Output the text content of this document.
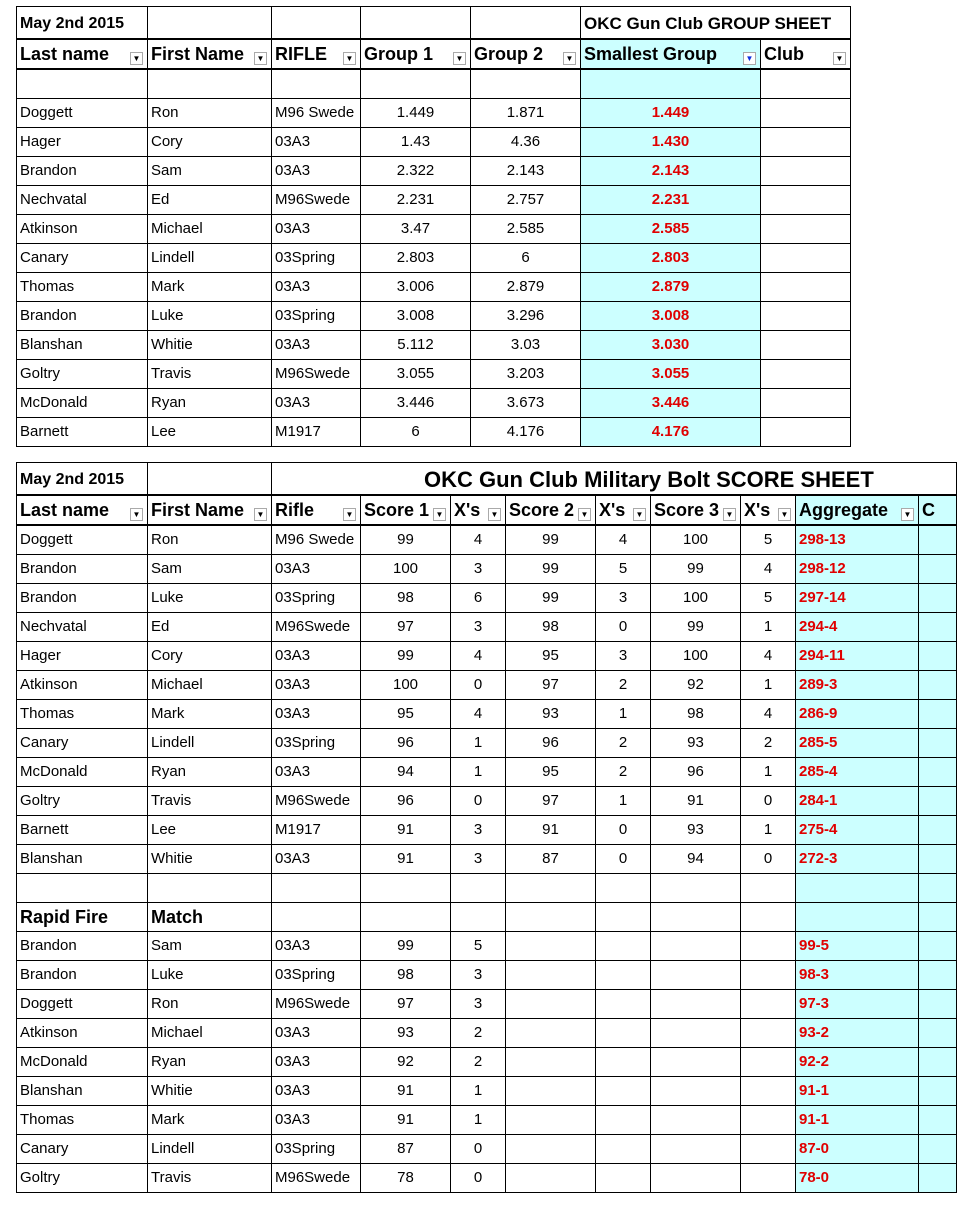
May 2nd 2015					OKC Gun Club GROUP SHEET	
Last name ▼	First Name ▼	RIFLE ▼	Group 1 ▼	Group 2 ▼	Smallest Group ▼	Club ▼

Doggett	Ron	M96 Swede	1.449	1.871	1.449	
Hager	Cory	03A3	1.43	4.36	1.430	
Brandon	Sam	03A3	2.322	2.143	2.143	
Nechvatal	Ed	M96Swede	2.231	2.757	2.231	
Atkinson	Michael	03A3	3.47	2.585	2.585	
Canary	Lindell	03Spring	2.803	6	2.803	
Thomas	Mark	03A3	3.006	2.879	2.879	
Brandon	Luke	03Spring	3.008	3.296	3.008	
Blanshan	Whitie	03A3	5.112	3.03	3.030	
Goltry	Travis	M96Swede	3.055	3.203	3.055	
McDonald	Ryan	03A3	3.446	3.673	3.446	
Barnett	Lee	M1917	6	4.176	4.176	
May 2nd 2015		OKC Gun Club Military Bolt SCORE SHEET								
Last name ▼	First Name ▼	Rifle ▼	Score 1 ▼	X's ▼	Score 2 ▼	X's ▼	Score 3 ▼	X's ▼	Aggregate ▼	C
Doggett	Ron	M96 Swede	99	4	99	4	100	5	298-13	
Brandon	Sam	03A3	100	3	99	5	99	4	298-12	
Brandon	Luke	03Spring	98	6	99	3	100	5	297-14	
Nechvatal	Ed	M96Swede	97	3	98	0	99	1	294-4	
Hager	Cory	03A3	99	4	95	3	100	4	294-11	
Atkinson	Michael	03A3	100	0	97	2	92	1	289-3	
Thomas	Mark	03A3	95	4	93	1	98	4	286-9	
Canary	Lindell	03Spring	96	1	96	2	93	2	285-5	
McDonald	Ryan	03A3	94	1	95	2	96	1	285-4	
Goltry	Travis	M96Swede	96	0	97	1	91	0	284-1	
Barnett	Lee	M1917	91	3	91	0	93	1	275-4	
Blanshan	Whitie	03A3	91	3	87	0	94	0	272-3	

Rapid Fire	Match									
Brandon	Sam	03A3	99	5					99-5	
Brandon	Luke	03Spring	98	3					98-3	
Doggett	Ron	M96Swede	97	3					97-3	
Atkinson	Michael	03A3	93	2					93-2	
McDonald	Ryan	03A3	92	2					92-2	
Blanshan	Whitie	03A3	91	1					91-1	
Thomas	Mark	03A3	91	1					91-1	
Canary	Lindell	03Spring	87	0					87-0	
Goltry	Travis	M96Swede	78	0					78-0	
